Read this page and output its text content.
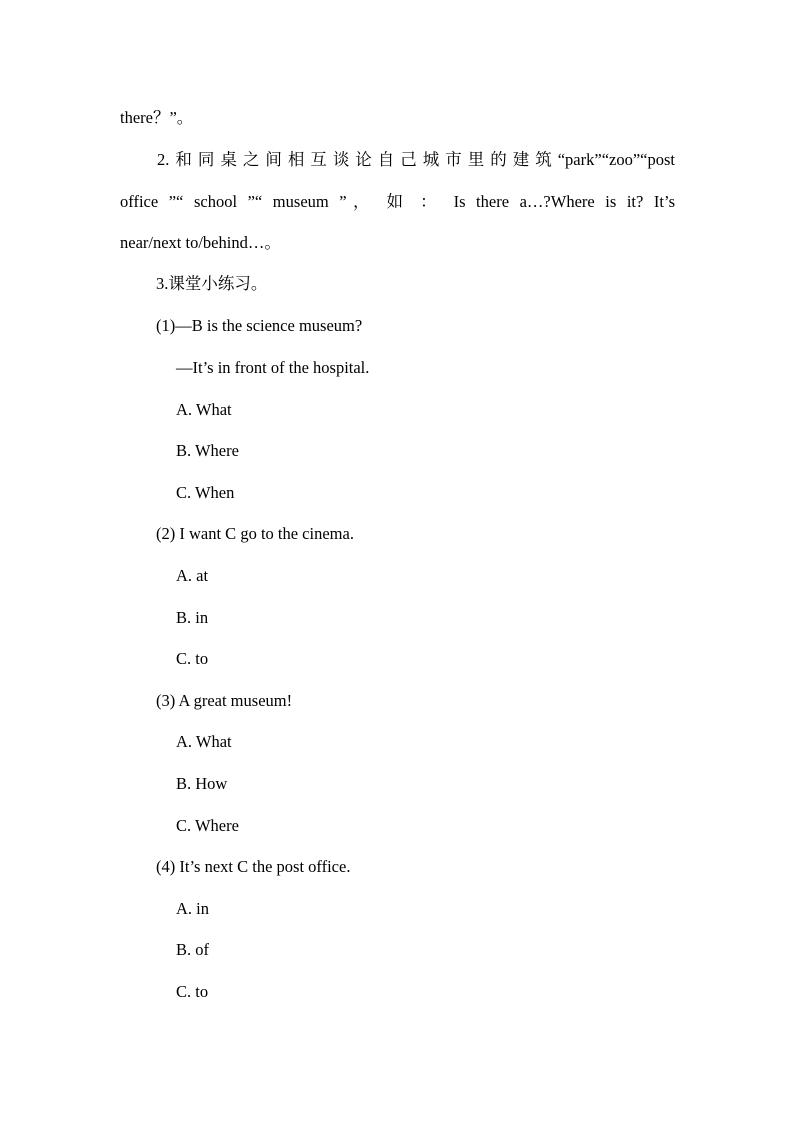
there？”。
2.和同桌之间相互谈论自己城市里的建筑“park”“zoo”“post
office ”“ school ”“ museum ”， 如 ： Is there a…?Where is it? It’s
near/next to/behind…。
3.课堂小练习。
(1)—B is the science museum?
—It’s in front of the hospital.
A. What
B. Where
C. When
(2) I want C go to the cinema.
A. at
B. in
C. to
(3) A great museum!
A. What
B. How
C. Where
(4) It’s next C the post office.
A. in
B. of
C. to
